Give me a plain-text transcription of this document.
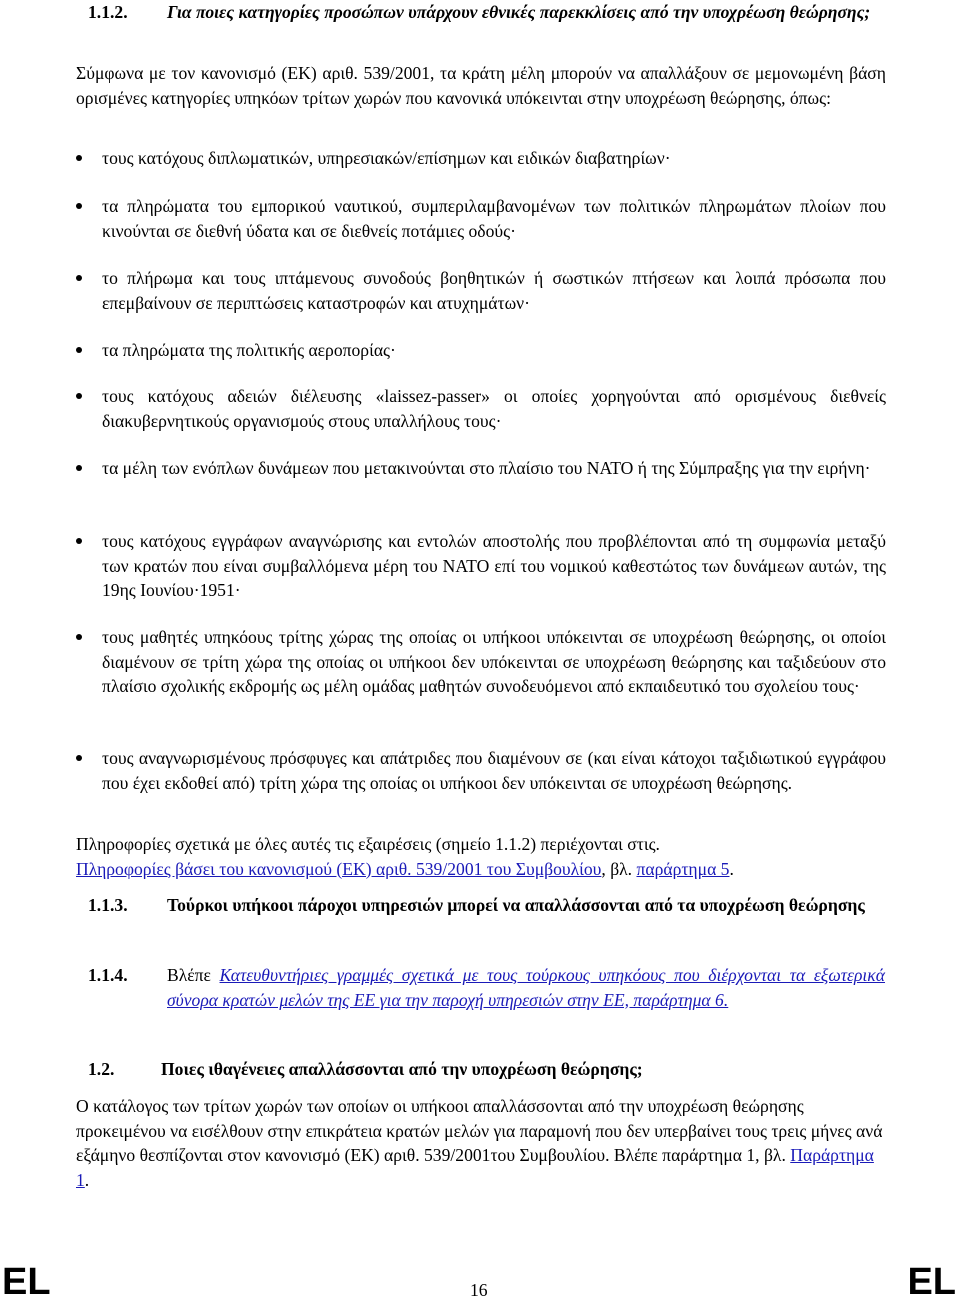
1.1.2. Για ποιες κατηγορίες προσώπων υπάρχουν εθνικές παρεκκλίσεις από την υποχρέωση θεώρησης;
Σύμφωνα με τον κανονισμό (ΕΚ) αριθ. 539/2001, τα κράτη μέλη μπορούν να απαλλάξουν σε μεμονωμένη βάση ορισμένες κατηγορίες υπηκόων τρίτων χωρών που κανονικά υπόκεινται στην υποχρέωση θεώρησης, όπως:
τους κατόχους διπλωματικών, υπηρεσιακών/επίσημων και ειδικών διαβατηρίων·
τα πληρώματα του εμπορικού ναυτικού, συμπεριλαμβανομένων των πολιτικών πληρωμάτων πλοίων που κινούνται σε διεθνή ύδατα και σε διεθνείς ποτάμιες οδούς·
το πλήρωμα και τους ιπτάμενους συνοδούς βοηθητικών ή σωστικών πτήσεων και λοιπά πρόσωπα που επεμβαίνουν σε περιπτώσεις καταστροφών και ατυχημάτων·
τα πληρώματα της πολιτικής αεροπορίας·
τους κατόχους αδειών διέλευσης «laissez-passer» οι οποίες χορηγούνται από ορισμένους διεθνείς διακυβερνητικούς οργανισμούς στους υπαλλήλους τους·
τα μέλη των ενόπλων δυνάμεων που μετακινούνται στο πλαίσιο του ΝΑΤΟ ή της Σύμπραξης για την ειρήνη·
τους κατόχους εγγράφων αναγνώρισης και εντολών αποστολής που προβλέπονται από τη συμφωνία μεταξύ των κρατών που είναι συμβαλλόμενα μέρη του ΝΑΤΟ επί του νομικού καθεστώτος των δυνάμεων αυτών, της 19ης Ιουνίου·1951·
τους μαθητές υπηκόους τρίτης χώρας της οποίας οι υπήκοοι υπόκεινται σε υποχρέωση θεώρησης, οι οποίοι διαμένουν σε τρίτη χώρα της οποίας οι υπήκοοι δεν υπόκεινται σε υποχρέωση θεώρησης και ταξιδεύουν στο πλαίσιο σχολικής εκδρομής ως μέλη ομάδας μαθητών συνοδευόμενοι από εκπαιδευτικό του σχολείου τους·
τους αναγνωρισμένους πρόσφυγες και απάτριδες που διαμένουν σε (και είναι κάτοχοι ταξιδιωτικού εγγράφου που έχει εκδοθεί από) τρίτη χώρα της οποίας οι υπήκοοι δεν υπόκεινται σε υποχρέωση θεώρησης.
Πληροφορίες σχετικά με όλες αυτές τις εξαιρέσεις (σημείο 1.1.2) περιέχονται στις.
Πληροφορίες βάσει του κανονισμού (ΕΚ) αριθ. 539/2001 του Συμβουλίου, βλ. παράρτημα 5.
1.1.3. Τούρκοι υπήκοοι πάροχοι υπηρεσιών μπορεί να απαλλάσσονται από τα υποχρέωση θεώρησης
1.1.4. Βλέπε Κατευθυντήριες γραμμές σχετικά με τους τούρκους υπηκόους που διέρχονται τα εξωτερικά σύνορα κρατών μελών της ΕΕ για την παροχή υπηρεσιών στην ΕΕ, παράρτημα 6.
1.2.	Ποιες ιθαγένειες απαλλάσσονται από την υποχρέωση θεώρησης;
Ο κατάλογος των τρίτων χωρών των οποίων οι υπήκοοι απαλλάσσονται από την υποχρέωση θεώρησης προκειμένου να εισέλθουν στην επικράτεια κρατών μελών για παραμονή που δεν υπερβαίνει τους τρεις μήνες ανά εξάμηνο θεσπίζονται στον κανονισμό (ΕΚ) αριθ. 539/2001του Συμβουλίου. Βλέπε παράρτημα 1, βλ. Παράρτημα 1.
EL	16	EL
